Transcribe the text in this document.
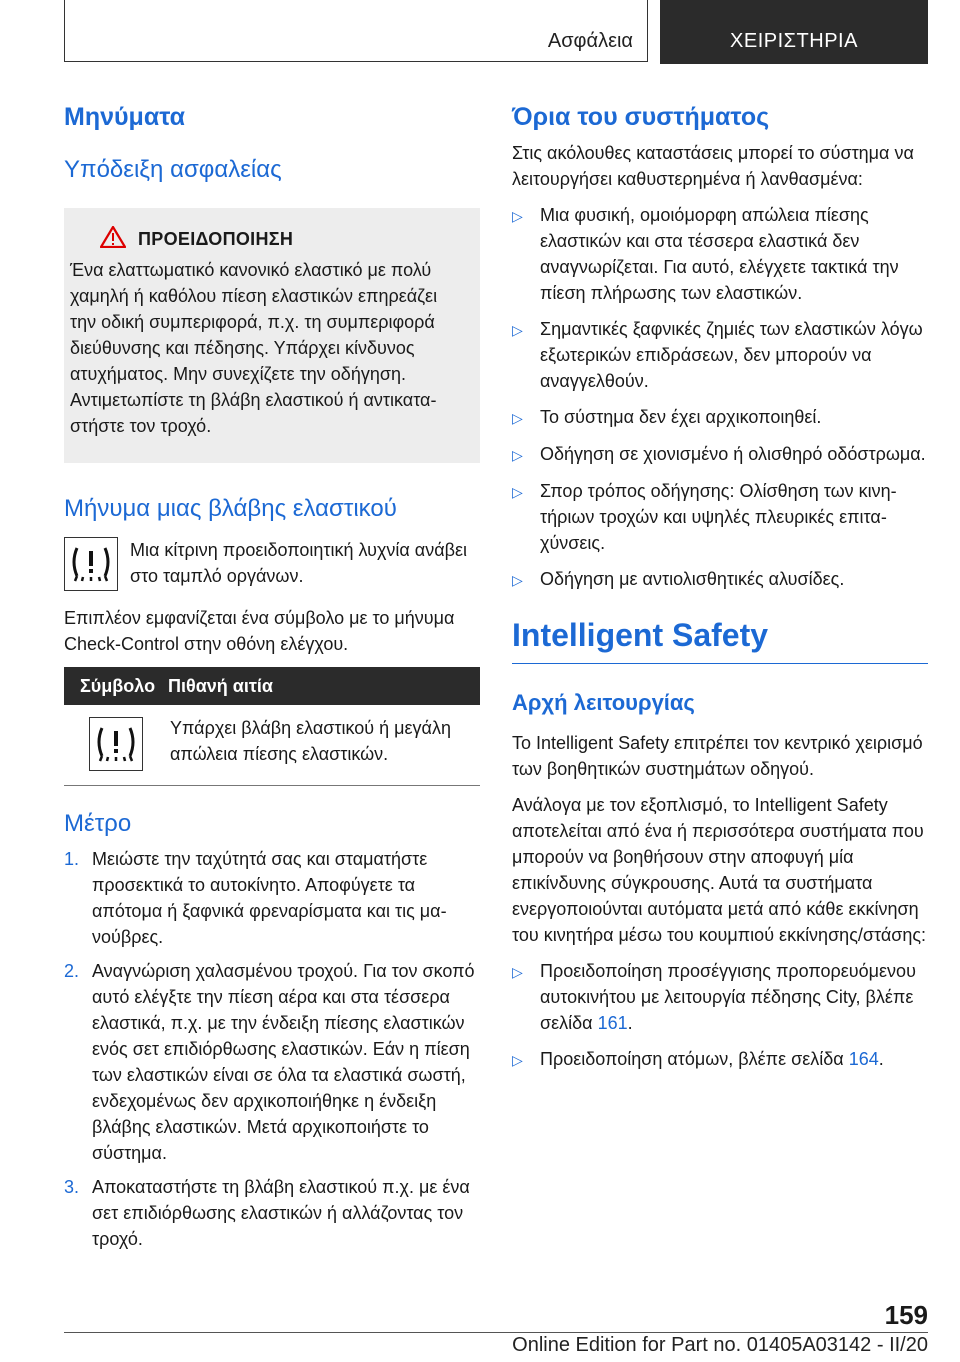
Ασφάλεια	ΧΕΙΡΙΣΤΗΡΙΑ
Μηνύματα
Υπόδειξη ασφαλείας
ΠΡΟΕΙΔΟΠΟΙΗΣΗ

Ένα ελαττωματικό κανονικό ελαστικό με πολύ χαμηλή ή καθόλου πίεση ελαστικών επηρεάζει την οδική συμπεριφορά, π.χ. τη συμπεριφορά διεύθυνσης και πέδησης. Υπάρχει κίνδυνος ατυχήματος. Μην συνεχίζετε την οδήγηση. Αντιμετωπίστε τη βλάβη ελαστικού ή αντικαταστήστε τον τροχό.

Μήνυμα μιας βλάβης ελαστικού

Μια κίτρινη προειδοποιητική λυχνία ανάβει στο ταμπλό οργάνων.

Επιπλέον εμφανίζεται ένα σύμβολο με το μήνυμα Check-Control στην οθόνη ελέγχου.

Σύμβολο Πιθανή αιτία
Υπάρχει βλάβη ελαστικού ή μεγάλη απώλεια πίεσης ελαστικών.
Μέτρο
1. Μειώστε την ταχύτητά σας και σταματήστε προσεκτικά το αυτοκίνητο. Αποφύγετε τα απότομα ή ξαφνικά φρεναρίσματα και τις μανούβρες.
2. Αναγνώριση χαλασμένου τροχού. Για τον σκοπό αυτό ελέγξτε την πίεση αέρα και στα τέσσερα ελαστικά, π.χ. με την ένδειξη πίεσης ελαστικών ενός σετ επιδιόρθωσης ελαστικών. Εάν η πίεση των ελαστικών είναι σε όλα τα ελαστικά σωστή, ενδεχομένως δεν αρχικοποιήθηκε η ένδειξη βλάβης ελαστικών. Μετά αρχικοποιήστε το σύστημα.
3. Αποκαταστήστε τη βλάβη ελαστικού π.χ. με ένα σετ επιδιόρθωσης ελαστικών ή αλλάζοντας τον τροχό.
Όρια του συστήματος

Στις ακόλουθες καταστάσεις μπορεί το σύστημα να λειτουργήσει καθυστερημένα ή λανθασμένα:

▷ Μια φυσική, ομοιόμορφη απώλεια πίεσης ελαστικών και στα τέσσερα ελαστικά δεν αναγνωρίζεται. Για αυτό, ελέγχετε τακτικά την πίεση πλήρωσης των ελαστικών.
▷ Σημαντικές ξαφνικές ζημιές των ελαστικών λόγω εξωτερικών επιδράσεων, δεν μπορούν να αναγγελθούν.
▷ Το σύστημα δεν έχει αρχικοποιηθεί.
▷ Οδήγηση σε χιονισμένο ή ολισθηρό οδόστρωμα.
▷ Σπορ τρόπος οδήγησης: Ολίσθηση των κινητήριων τροχών και υψηλές πλευρικές επιταχύνσεις.
▷ Οδήγηση με αντιολισθητικές αλυσίδες.
Intelligent Safety
Αρχή λειτουργίας

Το Intelligent Safety επιτρέπει τον κεντρικό χειρισμό των βοηθητικών συστημάτων οδηγού.

Ανάλογα με τον εξοπλισμό, το Intelligent Safety αποτελείται από ένα ή περισσότερα συστήματα που μπορούν να βοηθήσουν στην αποφυγή μία επικίνδυνης σύγκρουσης. Αυτά τα συστήματα ενεργοποιούνται αυτόματα μετά από κάθε εκκίνηση του κινητήρα μέσω του κουμπιού εκκίνησης/στάσης:

▷ Προειδοποίηση προσέγγισης προπορευόμενου αυτοκινήτου με λειτουργία πέδησης City, βλέπε σελίδα 161.
▷ Προειδοποίηση ατόμων, βλέπε σελίδα 164.
159
Online Edition for Part no. 01405A03142 - II/20
